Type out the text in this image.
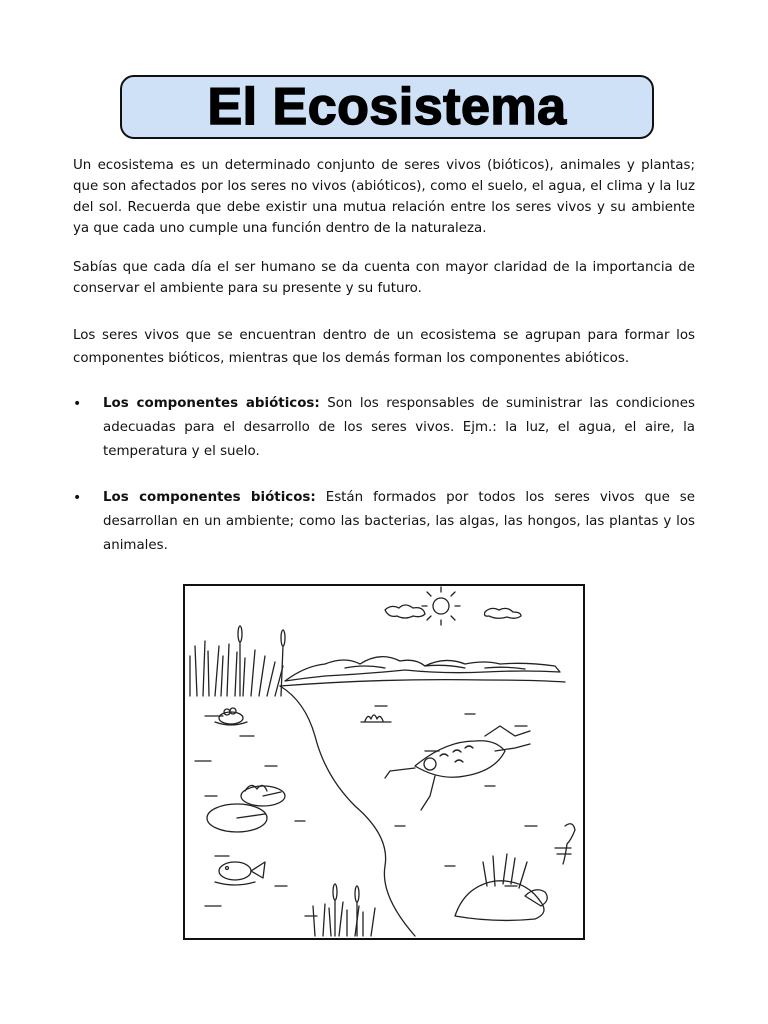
El Ecosistema

Un ecosistema es un determinado conjunto de seres vivos (bióticos), animales y plantas; que son afectados por los seres no vivos (abióticos), como el suelo, el agua, el clima y la luz del sol. Recuerda que debe existir una mutua relación entre los seres vivos y su ambiente ya que cada uno cumple una función dentro de la naturaleza.

Sabías que cada día el ser humano se da cuenta con mayor claridad de la importancia de conservar el ambiente para su presente y su futuro.

Los seres vivos que se encuentran dentro de un ecosistema se agrupan para formar los componentes bióticos, mientras que los demás forman los componentes abióticos.

• Los componentes abióticos: Son los responsables de suministrar las condiciones adecuadas para el desarrollo de los seres vivos. Ejm.: la luz, el agua, el aire, la temperatura y el suelo.
• Los componentes bióticos: Están formados por todos los seres vivos que se desarrollan en un ambiente; como las bacterias, las algas, las hongos, las plantas y los animales.
